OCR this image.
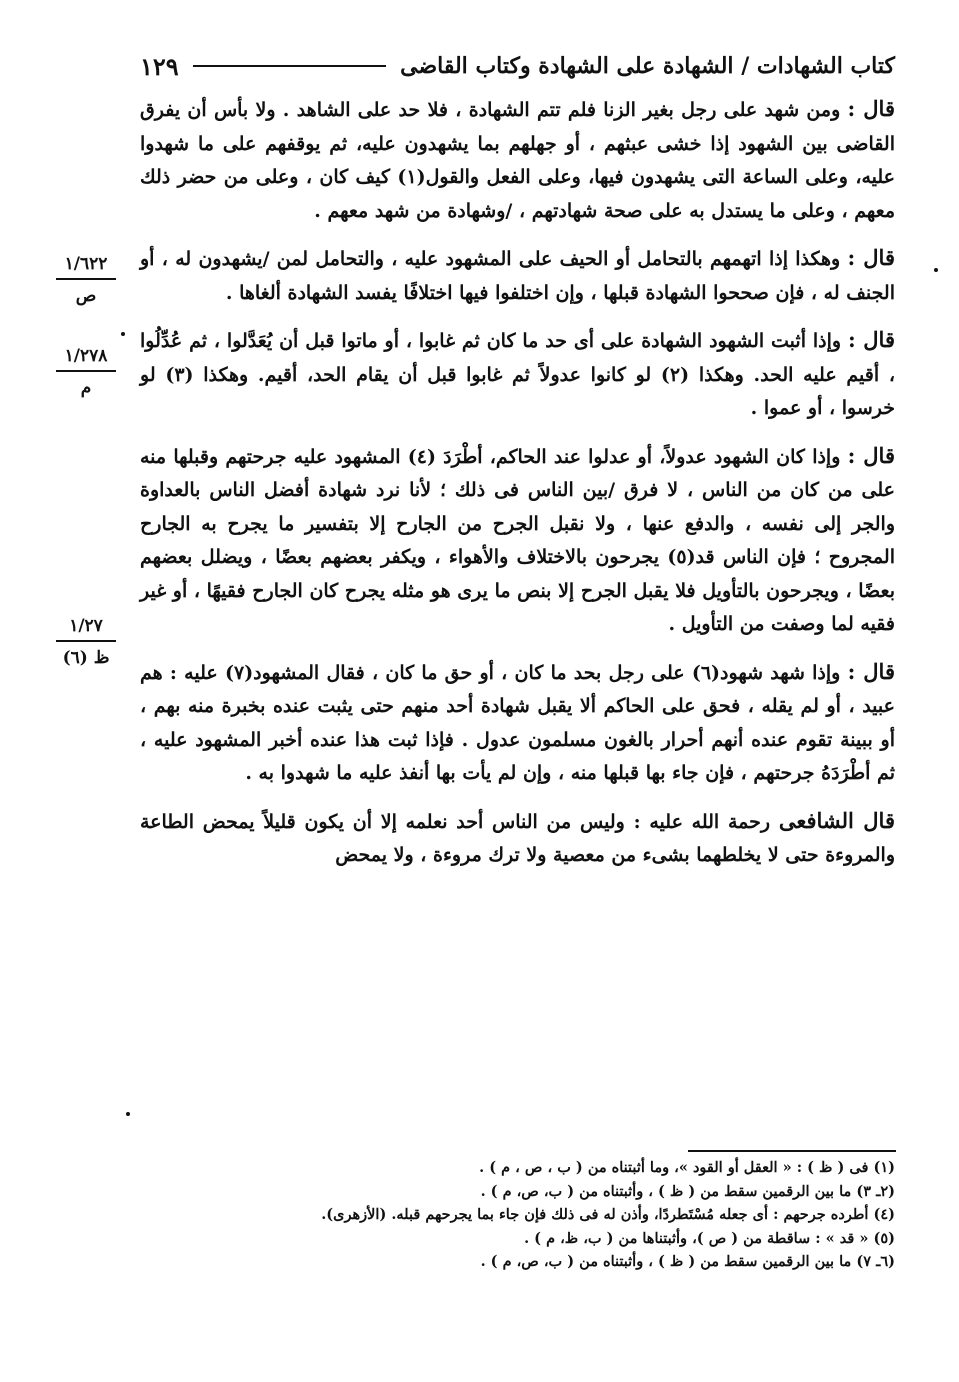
كتاب الشهادات / الشهادة على الشهادة وكتاب القاضى
١٢٩

قال : ومن شهد على رجل بغير الزنا فلم تتم الشهادة ، فلا حد على الشاهد . ولا بأس أن يفرق القاضى بين الشهود إذا خشى عبثهم ، أو جهلهم بما يشهدون عليه، ثم يوقفهم على ما شهدوا عليه، وعلى الساعة التى يشهدون فيها، وعلى الفعل والقول(١) كيف كان ، وعلى من حضر ذلك معهم ، وعلى ما يستدل به على صحة شهادتهم ، /وشهادة من شهد معهم .

قال : وهكذا إذا اتهمهم بالتحامل أو الحيف على المشهود عليه ، والتحامل لمن /يشهدون له ، أو الجنف له ، فإن صححوا الشهادة قبلها ، وإن اختلفوا فيها اختلافًا يفسد الشهادة ألغاها .

قال : وإذا أثبت الشهود الشهادة على أى حد ما كان ثم غابوا ، أو ماتوا قبل أن يُعَدَّلوا ، ثم عُدِّلُوا ، أقيم عليه الحد. وهكذا (٢) لو كانوا عدولاً ثم غابوا قبل أن يقام الحد، أقيم. وهكذا (٣) لو خرسوا ، أو عموا .

قال : وإذا كان الشهود عدولاً، أو عدلوا عند الحاكم، أطْرَدَ (٤) المشهود عليه جرحتهم وقبلها منه على من كان من الناس ، لا فرق /بين الناس فى ذلك ؛ لأنا نرد شهادة أفضل الناس بالعداوة والجر إلى نفسه ، والدفع عنها ، ولا نقبل الجرح من الجارح إلا بتفسير ما يجرح به الجارح المجروح ؛ فإن الناس قد(٥) يجرحون بالاختلاف والأهواء ، ويكفر بعضهم بعضًا ، ويضلل بعضهم بعضًا ، ويجرحون بالتأويل فلا يقبل الجرح إلا بنص ما يرى هو مثله يجرح كان الجارح فقيهًا ، أو غير فقيه لما وصفت من التأويل .

قال : وإذا شهد شهود(٦) على رجل بحد ما كان ، أو حق ما كان ، فقال المشهود(٧) عليه : هم عبيد ، أو لم يقله ، فحق على الحاكم ألا يقبل شهادة أحد منهم حتى يثبت عنده بخبرة منه بهم ، أو ببينة تقوم عنده أنهم أحرار بالغون مسلمون عدول . فإذا ثبت هذا عنده أخبر المشهود عليه ، ثم أطْرَدَهُ جرحتهم ، فإن جاء بها قبلها منه ، وإن لم يأت بها أنفذ عليه ما شهدوا به .

قال الشافعى رحمة الله عليه : وليس من الناس أحد نعلمه إلا أن يكون قليلاً يمحض الطاعة والمروءة حتى لا يخلطهما بشىء من معصية ولا ترك مروءة ، ولا يمحض

١/٦٢٢
ص
١/٢٧٨
م
١/٢٧
ظ (٦)
(١) فى ( ظ ) : « العقل أو القود »، وما أثبتناه من ( ب ، ص ، م ) .
(٢ـ ٣) ما بين الرقمين سقط من ( ظ ) ، وأثبتناه من ( ب، ص، م ) .
(٤) أطرده جرحهم : أى جعله مُسْتَطردًا، وأذن له فى ذلك فإن جاء بما يجرحهم قبله. (الأزهرى).
(٥) « قد » : ساقطة من ( ص )، وأثبتناها من ( ب، ظ، م ) .
(٦ـ ٧) ما بين الرقمين سقط من ( ظ ) ، وأثبتناه من ( ب، ص، م ) .
